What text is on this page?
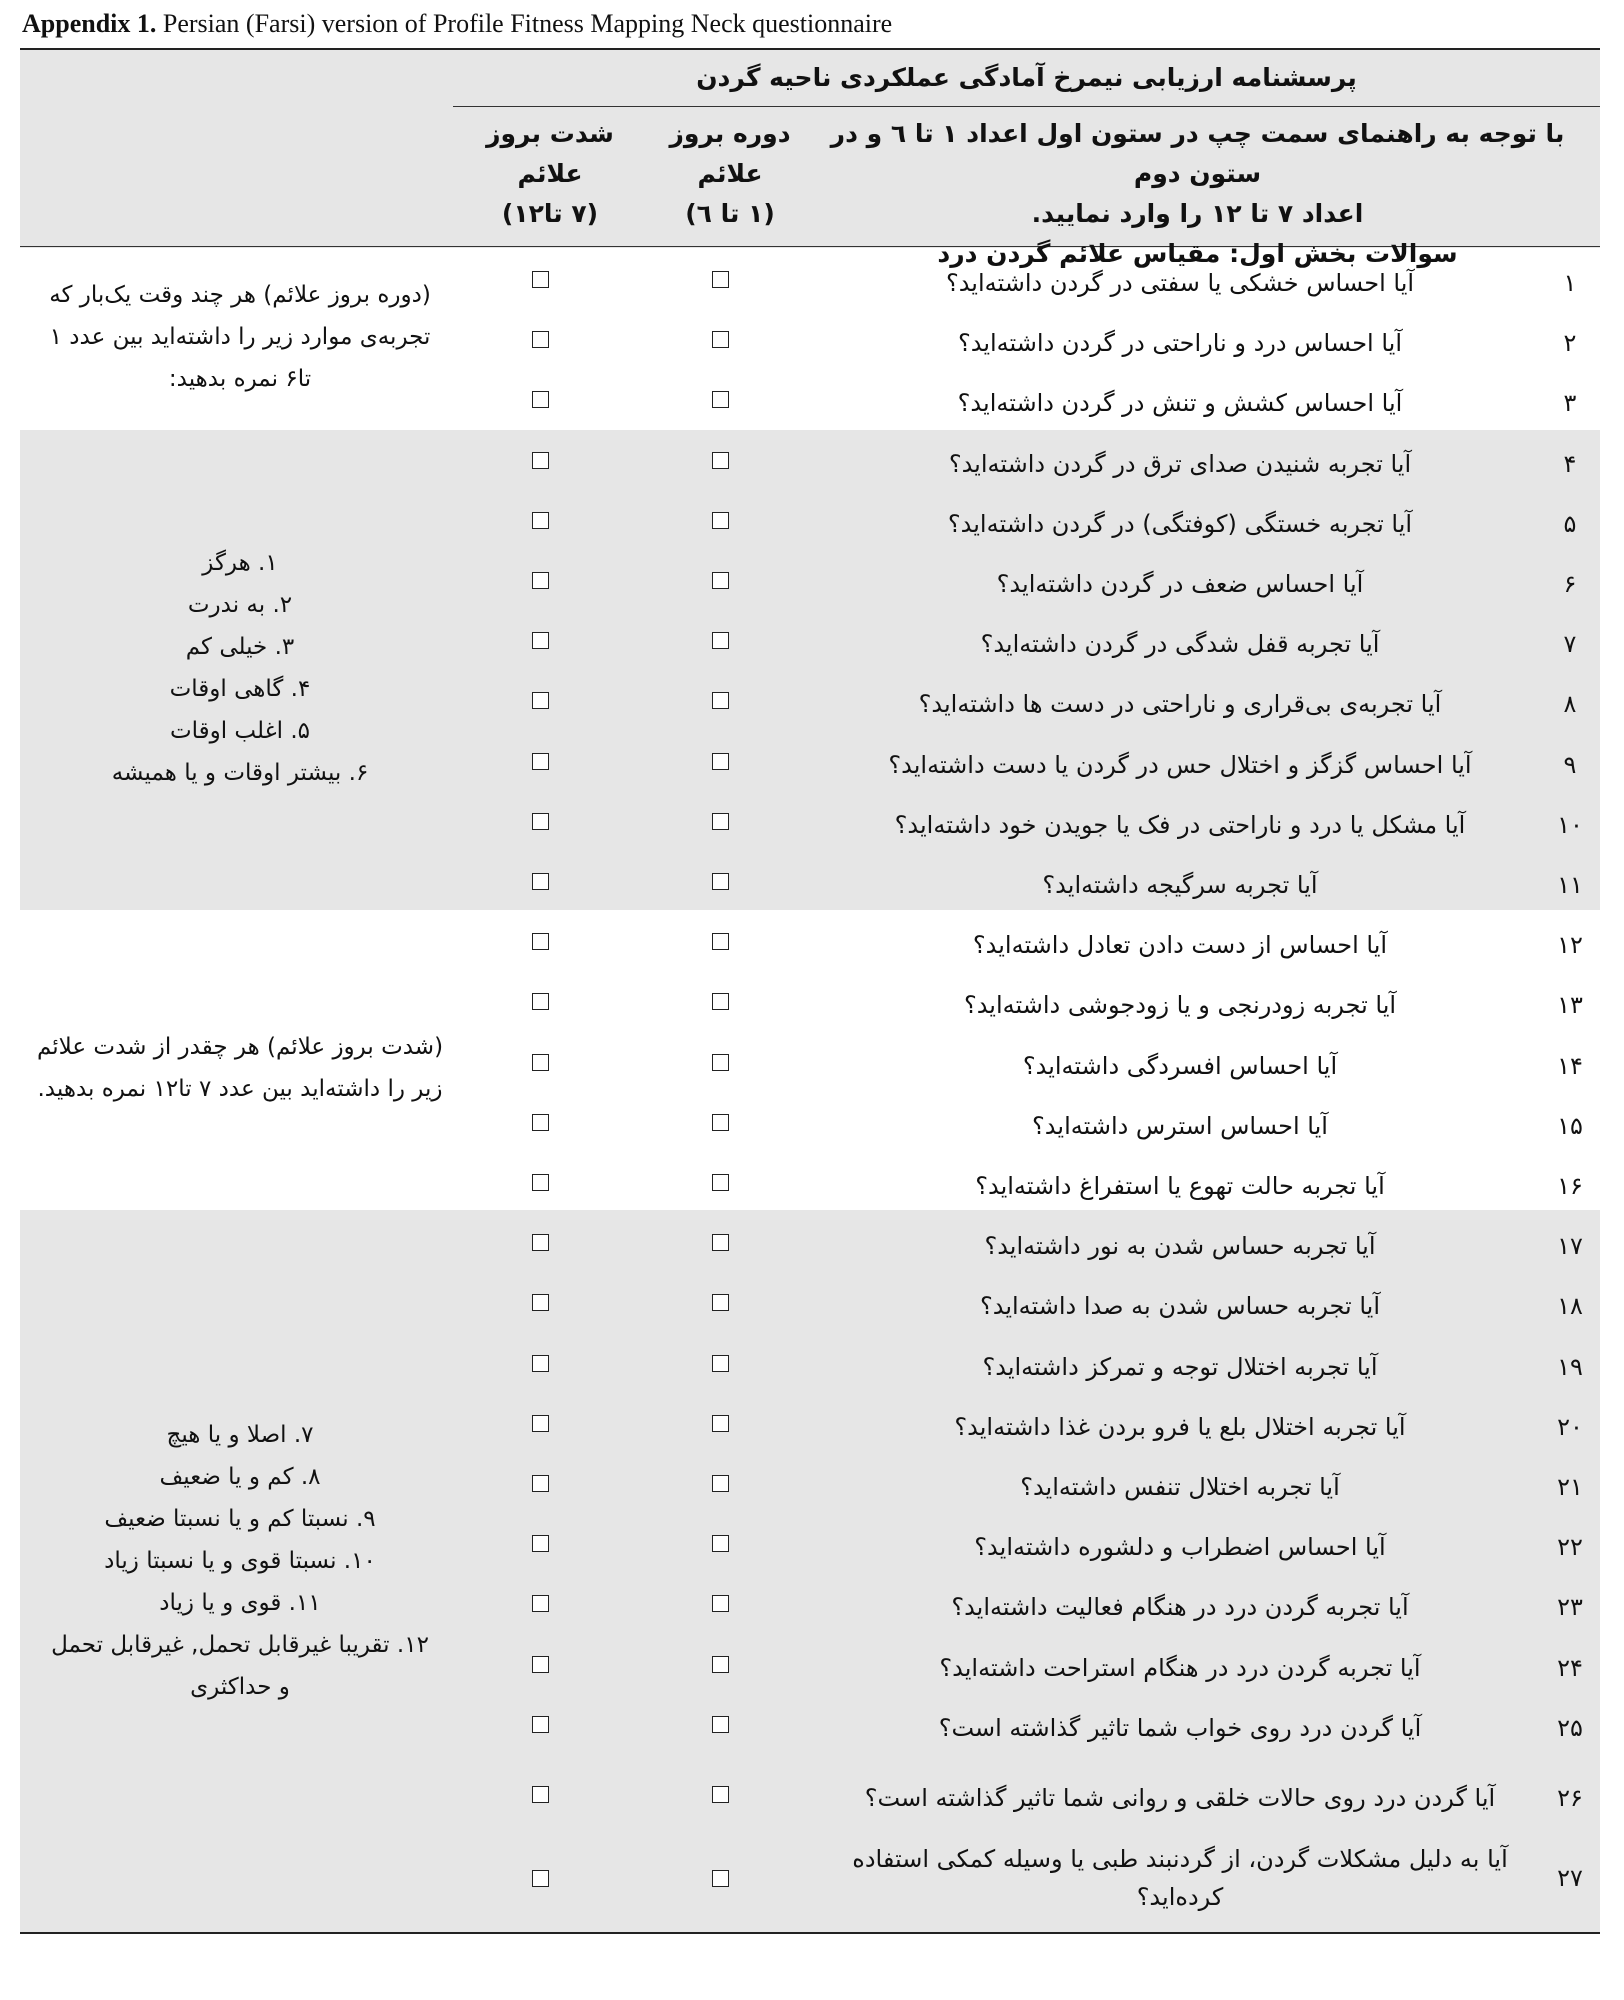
Appendix 1. Persian (Farsi) version of Profile Fitness Mapping Neck questionnaire
پرسشنامه ارزیابی نیمرخ آمادگی عملکردی ناحیه گردن
با توجه به راهنمای سمت چپ در ستون اول اعداد ۱ تا ٦ و در ستون دوم
اعداد ۷ تا ۱۲ را وارد نمایید.
سوالات بخش اول: مقیاس علائم گردن درد
دوره بروز
علائم
(۱ تا ٦)
شدت بروز
علائم
(۷ تا۱۲)
(دوره بروز علائم) هر چند وقت یک‌بار که
تجربه‌ی موارد زیر را داشته‌اید بین عدد ۱
تا۶ نمره بدهید:
۱. هرگز
۲. به ندرت
۳. خیلی کم
۴. گاهی اوقات
۵. اغلب اوقات
۶. بیشتر اوقات و یا همیشه
(شدت بروز علائم) هر چقدر از شدت علائم
زیر را داشته‌اید بین عدد ۷ تا۱۲ نمره بدهید.
۷. اصلا و یا هیچ
۸. کم و یا ضعیف
۹. نسبتا کم و یا نسبتا ضعیف
۱۰. نسبتا قوی و یا نسبتا زیاد
۱۱. قوی و یا زیاد
۱۲. تقریبا غیرقابل تحمل, غیرقابل تحمل
و حداکثری
۱
آیا احساس خشکی یا سفتی در گردن داشته‌اید؟
۲
آیا احساس درد و ناراحتی در گردن داشته‌اید؟
۳
آیا احساس کشش و تنش در گردن داشته‌اید؟
۴
آیا تجربه شنیدن صدای ترق در گردن داشته‌اید؟
۵
آیا تجربه خستگی (کوفتگی) در گردن داشته‌اید؟
۶
آیا احساس ضعف در گردن داشته‌اید؟
۷
آیا تجربه قفل شدگی در گردن داشته‌اید؟
۸
آیا تجربه‌ی بی‌قراری و ناراحتی در دست ها داشته‌اید؟
۹
آیا احساس گزگز و اختلال حس در گردن یا دست داشته‌اید؟
۱۰
آیا مشکل یا درد و ناراحتی در فک یا جویدن خود داشته‌اید؟
۱۱
آیا تجربه سرگیجه داشته‌اید؟
۱۲
آیا احساس از دست دادن تعادل داشته‌اید؟
۱۳
آیا تجربه زودرنجی و یا زودجوشی داشته‌اید؟
۱۴
آیا احساس افسردگی داشته‌اید؟
۱۵
آیا احساس استرس داشته‌اید؟
۱۶
آیا تجربه حالت تهوع یا استفراغ داشته‌اید؟
۱۷
آیا تجربه حساس شدن به نور داشته‌اید؟
۱۸
آیا تجربه حساس شدن به صدا داشته‌اید؟
۱۹
آیا تجربه اختلال توجه و تمرکز داشته‌اید؟
۲۰
آیا تجربه اختلال بلع یا فرو بردن غذا داشته‌اید؟
۲۱
آیا تجربه اختلال تنفس داشته‌اید؟
۲۲
آیا احساس اضطراب و دلشوره داشته‌اید؟
۲۳
آیا تجربه گردن درد در هنگام فعالیت داشته‌اید؟
۲۴
آیا تجربه گردن درد در هنگام استراحت داشته‌اید؟
۲۵
آیا گردن درد روی خواب شما تاثیر گذاشته است؟
۲۶
آیا گردن درد روی حالات خلقی و روانی شما تاثیر گذاشته است؟
۲۷
آیا به دلیل مشکلات گردن، از گردنبند طبی یا وسیله کمکی استفاده
کرده‌اید؟
